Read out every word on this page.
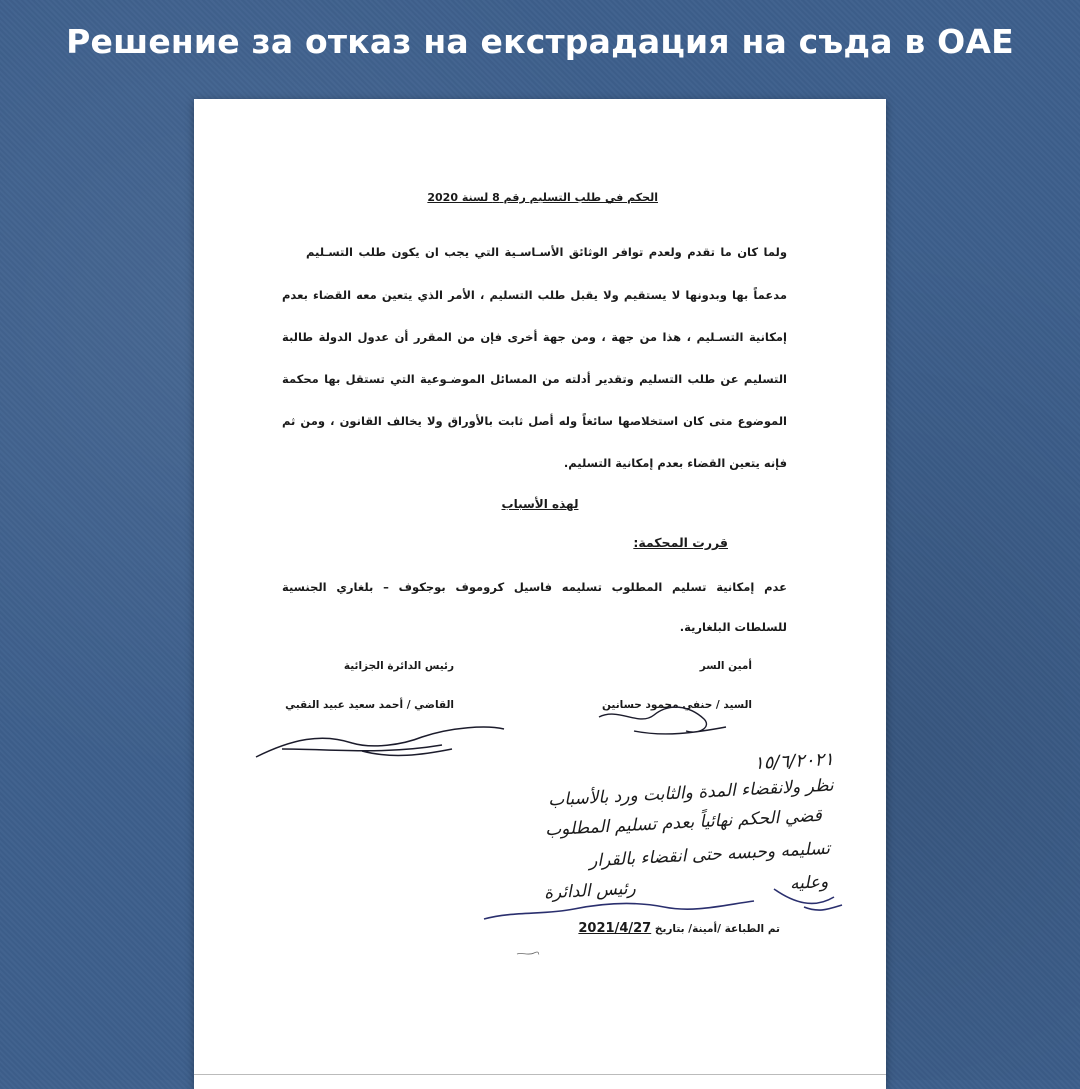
Решение за отказ на екстрадация на съда в ОАЕ
الحكم في طلب التسليم رقم 8 لسنة 2020
ولما كان ما تقدم ولعدم توافر الوثائق الأسـاسـية التي يجب ان يكون طلب التسـليم
مدعماً بها وبدونها لا يستقيم ولا يقبل طلب التسليم ، الأمر الذي يتعين معه القضاء بعدم
إمكانية التسـليم ، هذا من جهة ، ومن جهة أخرى فإن من المقرر أن عدول الدولة طالبة
التسليم عن طلب التسليم وتقدير أدلته من المسائل الموضـوعية التي تستقل بها محكمة
الموضوع متى كان استخلاصها سائغاً وله أصل ثابت بالأوراق ولا يخالف القانون ، ومن ثم
فإنه يتعين القضاء بعدم إمكانية التسليم.
لهذه الأسباب
قررت المحكمة:
عدم إمكانية تسليم المطلوب تسليمه فاسيل كروموف بوجكوف – بلغاري الجنسية
للسلطات البلغارية.
أمين السر
رئيس الدائرة الجزائية
السيد / حنفي محمود حسانين
القاضي / أحمد سعيد عبيد النقبي
١٥/٦/٢٠٢١
نظر ولانقضاء المدة والثابت ورد بالأسباب
قضي الحكم نهائياً بعدم تسليم المطلوب
تسليمه وحبسه حتى انقضاء بالقرار
وعليه
رئيس الدائرة
تم الطباعة /أمينة/ بتاريخ 2021/4/27
